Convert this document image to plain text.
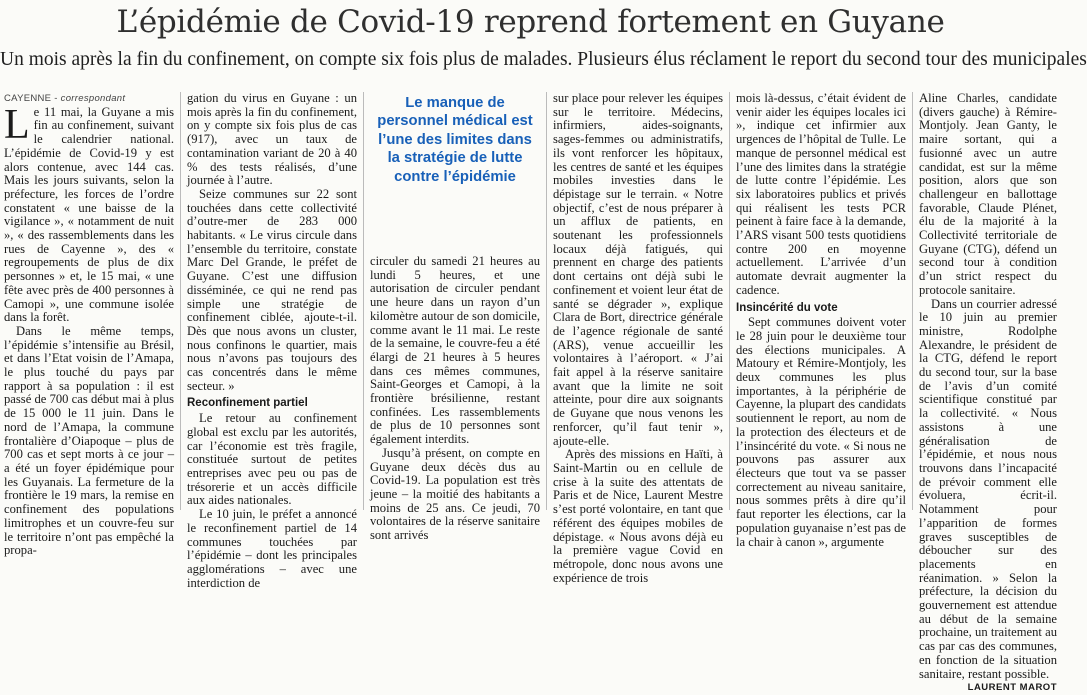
L’épidémie de Covid-19 reprend fortement en Guyane
Un mois après la fin du confinement, on compte six fois plus de malades. Plusieurs élus réclament le report du second tour des municipales

CAYENNE - correspondant

Le 11 mai, la Guyane a mis fin au confinement, suivant le calendrier national. L’épidémie de Covid-19 y est alors contenue, avec 144 cas. Mais les jours suivants, selon la préfecture, les forces de l’ordre constatent « une baisse de la vigilance », « notamment de nuit », « des rassemblements dans les rues de Cayenne », des « regroupements de plus de dix personnes » et, le 15 mai, « une fête avec près de 400 personnes à Camopi », une commune isolée dans la forêt.

Dans le même temps, l’épidémie s’intensifie au Brésil, et dans l’Etat voisin de l’Amapa, le plus touché du pays par rapport à sa population : il est passé de 700 cas début mai à plus de 15 000 le 11 juin. Dans le nord de l’Amapa, la commune frontalière d’Oiapoque – plus de 700 cas et sept morts à ce jour – a été un foyer épidémique pour les Guyanais. La fermeture de la frontière le 19 mars, la remise en confinement des populations limitrophes et un couvre-feu sur le territoire n’ont pas empêché la propa-

gation du virus en Guyane : un mois après la fin du confinement, on y compte six fois plus de cas (917), avec un taux de contamination variant de 20 à 40 % des tests réalisés, d’une journée à l’autre.

Seize communes sur 22 sont touchées dans cette collectivité d’outre-mer de 283 000 habitants. « Le virus circule dans l’ensemble du territoire, constate Marc Del Grande, le préfet de Guyane. C’est une diffusion disséminée, ce qui ne rend pas simple une stratégie de confinement ciblée, ajoute-t-il. Dès que nous avons un cluster, nous confinons le quartier, mais nous n’avons pas toujours des cas concentrés dans le même secteur. »

Reconfinement partiel

Le retour au confinement global est exclu par les autorités, car l’économie est très fragile, constituée surtout de petites entreprises avec peu ou pas de trésorerie et un accès difficile aux aides nationales.

Le 10 juin, le préfet a annoncé le reconfinement partiel de 14 communes touchées par l’épidémie – dont les principales agglomérations – avec une interdiction de

Le manque de personnel médical est l’une des limites dans la stratégie de lutte contre l’épidémie

circuler du samedi 21 heures au lundi 5 heures, et une autorisation de circuler pendant une heure dans un rayon d’un kilomètre autour de son domicile, comme avant le 11 mai. Le reste de la semaine, le couvre-feu a été élargi de 21 heures à 5 heures dans ces mêmes communes, Saint-Georges et Camopi, à la frontière brésilienne, restant confinées. Les rassemblements de plus de 10 personnes sont également interdits.

Jusqu’à présent, on compte en Guyane deux décès dus au Covid-19. La population est très jeune – la moitié des habitants a moins de 25 ans. Ce jeudi, 70 volontaires de la réserve sanitaire sont arrivés

sur place pour relever les équipes sur le territoire. Médecins, infirmiers, aides-soignants, sages-femmes ou administratifs, ils vont renforcer les hôpitaux, les centres de santé et les équipes mobiles investies dans le dépistage sur le terrain. « Notre objectif, c’est de nous préparer à un afflux de patients, en soutenant les professionnels locaux déjà fatigués, qui prennent en charge des patients dont certains ont déjà subi le confinement et voient leur état de santé se dégrader », explique Clara de Bort, directrice générale de l’agence régionale de santé (ARS), venue accueillir les volontaires à l’aéroport. « J’ai fait appel à la réserve sanitaire avant que la limite ne soit atteinte, pour dire aux soignants de Guyane que nous venons les renforcer, qu’il faut tenir », ajoute-elle.

Après des missions en Haïti, à Saint-Martin ou en cellule de crise à la suite des attentats de Paris et de Nice, Laurent Mestre s’est porté volontaire, en tant que référent des équipes mobiles de dépistage. « Nous avons déjà eu la première vague Covid en métropole, donc nous avons une expérience de trois

mois là-dessus, c’était évident de venir aider les équipes locales ici », indique cet infirmier aux urgences de l’hôpital de Tulle. Le manque de personnel médical est l’une des limites dans la stratégie de lutte contre l’épidémie. Les six laboratoires publics et privés qui réalisent les tests PCR peinent à faire face à la demande, l’ARS visant 500 tests quotidiens contre 200 en moyenne actuellement. L’arrivée d’un automate devrait augmenter la cadence.

Insincérité du vote

Sept communes doivent voter le 28 juin pour le deuxième tour des élections municipales. A Matoury et Rémire-Montjoly, les deux communes les plus importantes, à la périphérie de Cayenne, la plupart des candidats soutiennent le report, au nom de la protection des électeurs et de l’insincérité du vote. « Si nous ne pouvons pas assurer aux électeurs que tout va se passer correctement au niveau sanitaire, nous sommes prêts à dire qu’il faut reporter les élections, car la population guyanaise n’est pas de la chair à canon », argumente

Aline Charles, candidate (divers gauche) à Rémire-Montjoly. Jean Ganty, le maire sortant, qui a fusionné avec un autre candidat, est sur la même position, alors que son challengeur en ballottage favorable, Claude Plénet, élu de la majorité à la Collectivité territoriale de Guyane (CTG), défend un second tour à condition d’un strict respect du protocole sanitaire.

Dans un courrier adressé le 10 juin au premier ministre, Rodolphe Alexandre, le président de la CTG, défend le report du second tour, sur la base de l’avis d’un comité scientifique constitué par la collectivité. « Nous assistons à une généralisation de l’épidémie, et nous nous trouvons dans l’incapacité de prévoir comment elle évoluera, écrit-il. Notamment pour l’apparition de formes graves susceptibles de déboucher sur des placements en réanimation. » Selon la préfecture, la décision du gouvernement est attendue au début de la semaine prochaine, un traitement au cas par cas des communes, en fonction de la situation sanitaire, restant possible.

LAURENT MAROT
